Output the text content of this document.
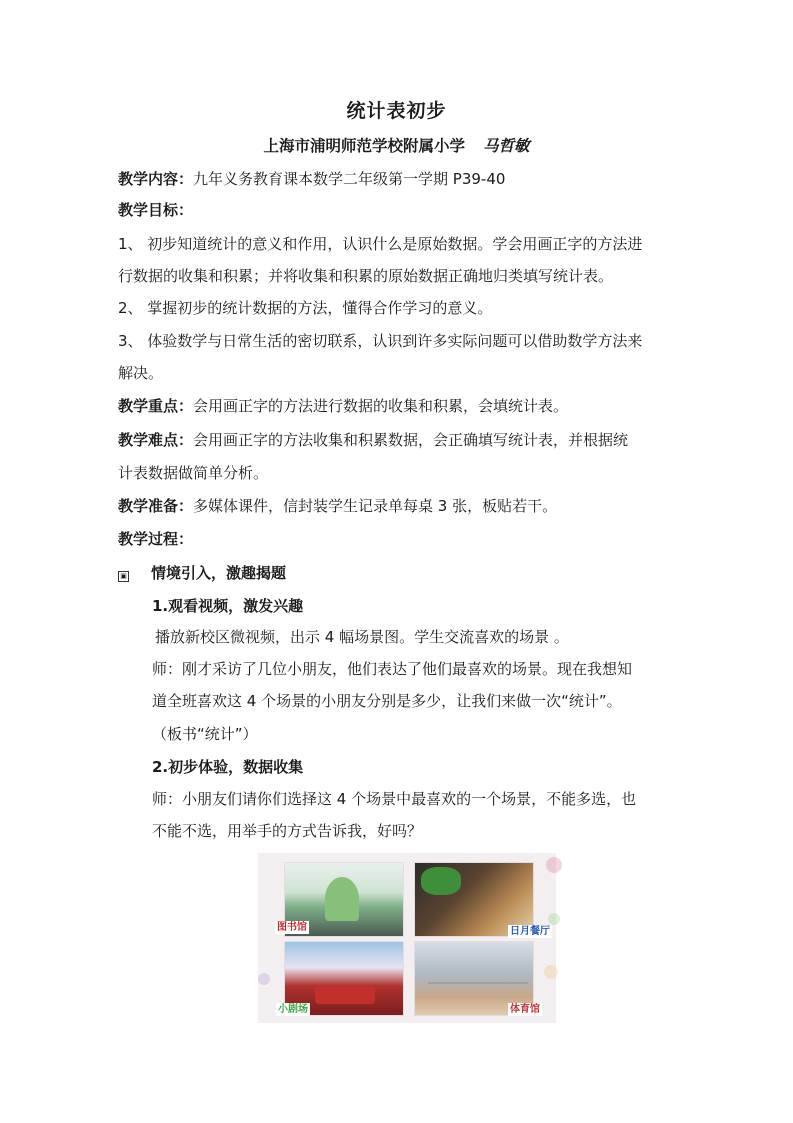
统计表初步
上海市浦明师范学校附属小学 马哲敏
教学内容：九年义务教育课本数学二年级第一学期 P39-40
教学目标：
1、 初步知道统计的意义和作用，认识什么是原始数据。学会用画正字的方法进
行数据的收集和积累；并将收集和积累的原始数据正确地归类填写统计表。
2、 掌握初步的统计数据的方法，懂得合作学习的意义。
3、 体验数学与日常生活的密切联系，认识到许多实际问题可以借助数学方法来
解决。
教学重点：会用画正字的方法进行数据的收集和积累，会填统计表。
教学难点：会用画正字的方法收集和积累数据，会正确填写统计表，并根据统
计表数据做简单分析。
教学准备：多媒体课件，信封装学生记录单每桌 3 张，板贴若干。
教学过程：
▣ 情境引入，激趣揭题
1.观看视频，激发兴趣
播放新校区微视频，出示 4 幅场景图。学生交流喜欢的场景 。
师：刚才采访了几位小朋友，他们表达了他们最喜欢的场景。现在我想知
道全班喜欢这 4 个场景的小朋友分别是多少，让我们来做一次“统计”。
（板书“统计”）
2.初步体验，数据收集
师：小朋友们请你们选择这 4 个场景中最喜欢的一个场景，不能多选，也
不能不选，用举手的方式告诉我，好吗？
图书馆	日月餐厅
小剧场	体育馆
